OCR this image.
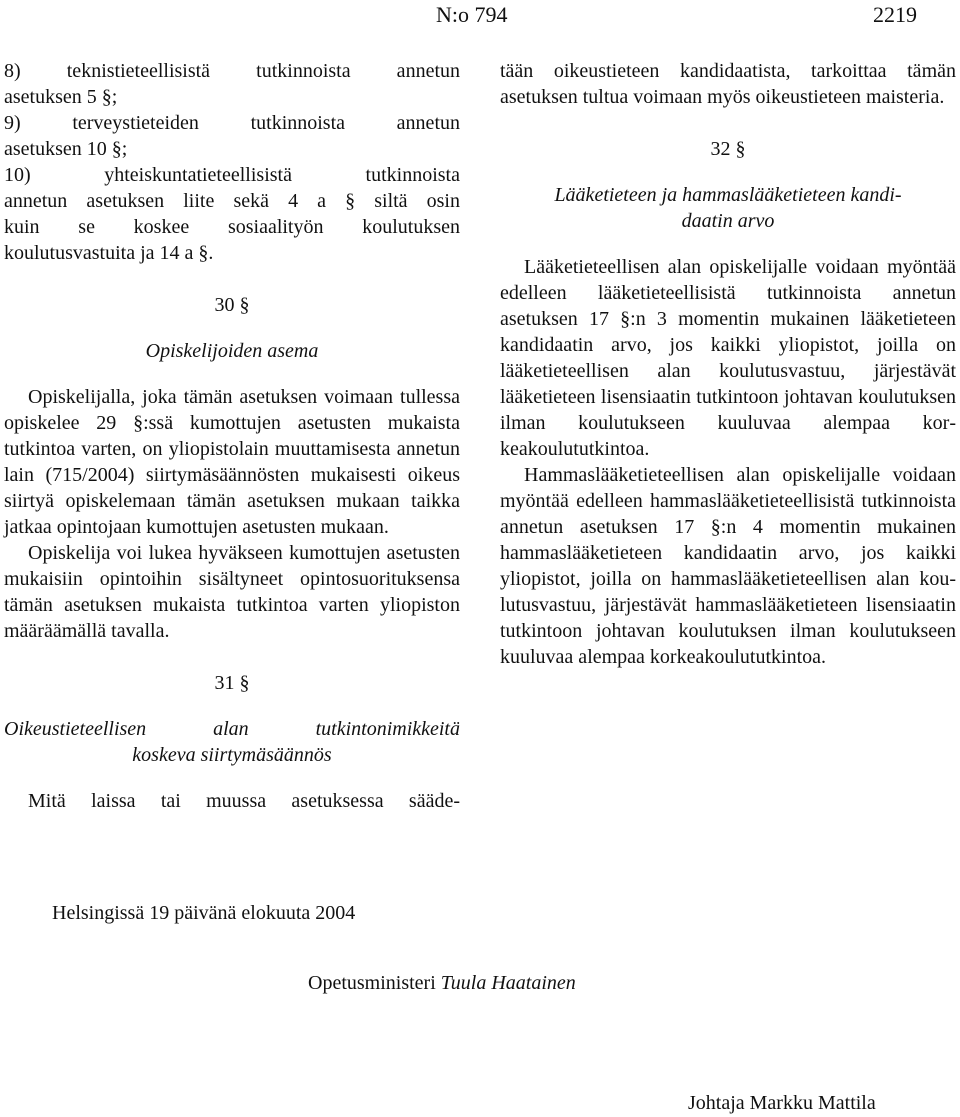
N:o 794	2219
8) teknistieteellisistä tutkinnoista annetun
asetuksen 5 §;
9) terveystieteiden tutkinnoista annetun
asetuksen 10 §;
10) yhteiskuntatieteellisistä tutkinnoista
annetun asetuksen liite sekä 4 a § siltä osin
kuin se koskee sosiaalityön koulutuksen
koulutusvastuita ja 14 a §.

30 §

Opiskelijoiden asema

Opiskelijalla, joka tämän asetuksen voimaan tullessa opiskelee 29 §:ssä kumottujen asetusten mukaista tutkintoa varten, on yliopistolain muuttamisesta annetun lain (715/2004) siirtymäsäännösten mukaisesti oikeus siirtyä opiskelemaan tämän asetuksen mukaan taikka jatkaa opintojaan kumottujen asetusten mukaan.

Opiskelija voi lukea hyväkseen kumottujen asetusten mukaisiin opintoihin sisältyneet opintosuorituksensa tämän asetuksen mukaista tutkintoa varten yliopiston määräämällä tavalla.

31 §

Oikeustieteellisen alan tutkintonimikkeitä

koskeva siirtymäsäännös

Mitä laissa tai muussa asetuksessa sääde-

tään oikeustieteen kandidaatista, tarkoittaa tämän asetuksen tultua voimaan myös oikeustieteen maisteria.

32 §

Lääketieteen ja hammaslääketieteen kandi-

daatin arvo

Lääketieteellisen alan opiskelijalle voidaan myöntää edelleen lääketieteellisistä tutkinnoista annetun asetuksen 17 §:n 3 momentin mukainen lääketieteen kandidaatin arvo, jos kaikki yliopistot, joilla on lääketieteellisen alan koulutusvastuu, järjestävät lääketieteen lisensiaatin tutkintoon johtavan koulutuksen ilman koulutukseen kuuluvaa alempaa korkeakoulututkintoa.

Hammaslääketieteellisen alan opiskelijalle voidaan myöntää edelleen hammaslääketieteellisistä tutkinnoista annetun asetuksen 17 §:n 4 momentin mukainen hammaslääketieteen kandidaatin arvo, jos kaikki yliopistot, joilla on hammaslääketieteellisen alan koulutusvastuu, järjestävät hammaslääketieteen lisensiaatin tutkintoon johtavan koulutuksen ilman koulutukseen kuuluvaa alempaa korkeakoulututkintoa.

Helsingissä 19 päivänä elokuuta 2004
Opetusministeri Tuula Haatainen
Johtaja Markku Mattila
